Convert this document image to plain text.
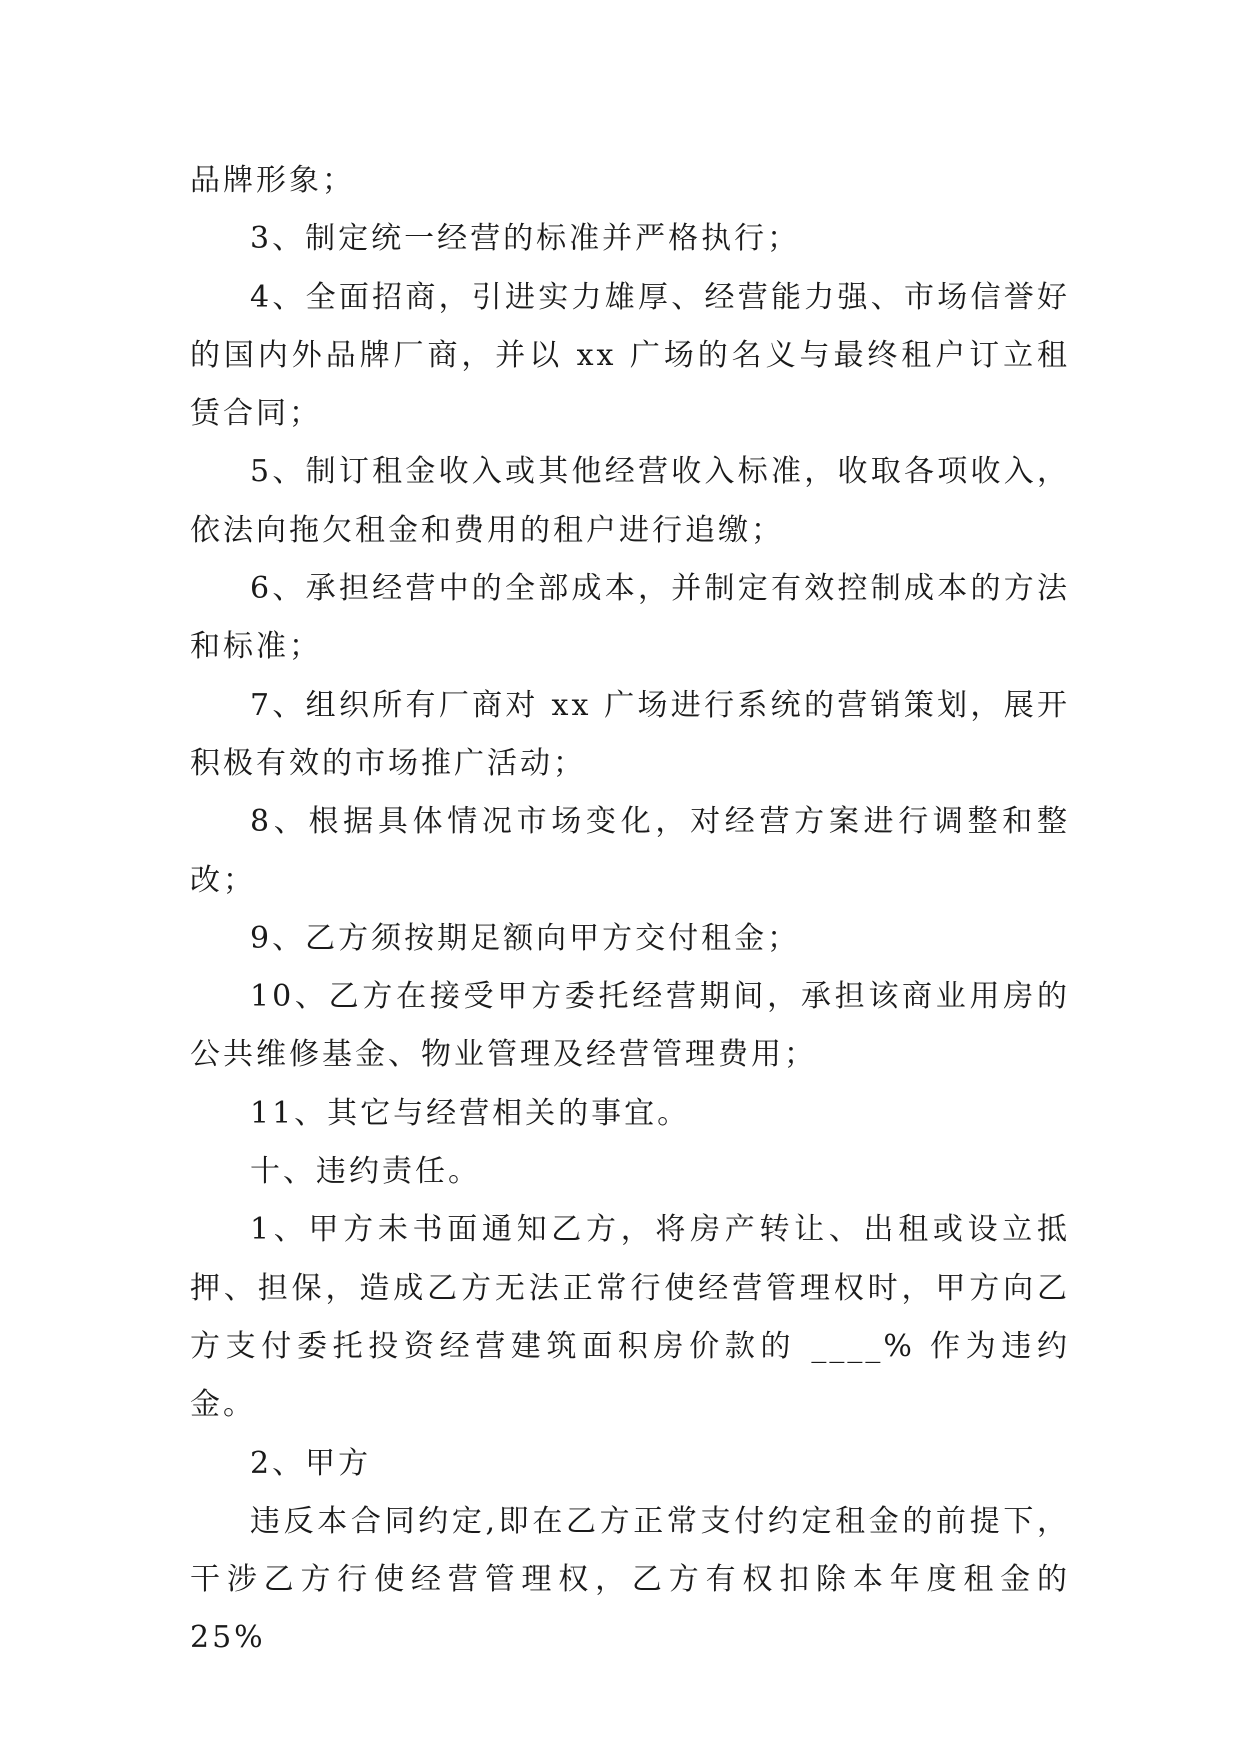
品牌形象；

3、制定统一经营的标准并严格执行；

4、全面招商，引进实力雄厚、经营能力强、市场信誉好的国内外品牌厂商，并以 xx 广场的名义与最终租户订立租赁合同；

5、制订租金收入或其他经营收入标准，收取各项收入，依法向拖欠租金和费用的租户进行追缴；

6、承担经营中的全部成本，并制定有效控制成本的方法和标准；

7、组织所有厂商对 xx 广场进行系统的营销策划，展开积极有效的市场推广活动；

8、根据具体情况市场变化，对经营方案进行调整和整改；

9、乙方须按期足额向甲方交付租金；

10、乙方在接受甲方委托经营期间，承担该商业用房的公共维修基金、物业管理及经营管理费用；

11、其它与经营相关的事宜。

十、违约责任。

1、甲方未书面通知乙方，将房产转让、出租或设立抵押、担保，造成乙方无法正常行使经营管理权时，甲方向乙方支付委托投资经营建筑面积房价款的 ____% 作为违约金。

2、甲方

违反本合同约定,即在乙方正常支付约定租金的前提下，干涉乙方行使经营管理权，乙方有权扣除本年度租金的 25%
